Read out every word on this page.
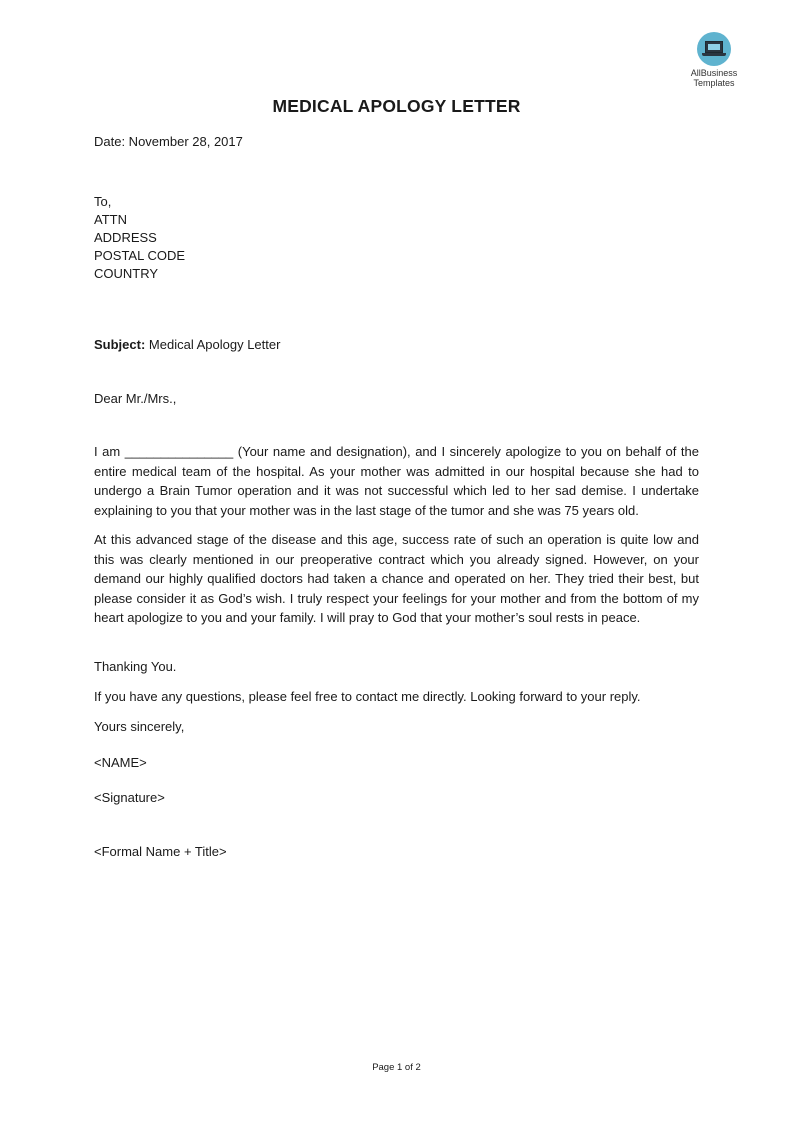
AllBusiness
Templates
MEDICAL APOLOGY LETTER
Date: November 28, 2017
To,
ATTN
ADDRESS
POSTAL CODE
COUNTRY
Subject: Medical Apology Letter
Dear Mr./Mrs.,
I am _______________ (Your name and designation), and I sincerely apologize to you on behalf of the entire medical team of the hospital. As your mother was admitted in our hospital because she had to undergo a Brain Tumor operation and it was not successful which led to her sad demise. I undertake explaining to you that your mother was in the last stage of the tumor and she was 75 years old.
At this advanced stage of the disease and this age, success rate of such an operation is quite low and this was clearly mentioned in our preoperative contract which you already signed. However, on your demand our highly qualified doctors had taken a chance and operated on her. They tried their best, but please consider it as God’s wish. I truly respect your feelings for your mother and from the bottom of my heart apologize to you and your family. I will pray to God that your mother’s soul rests in peace.
Thanking You.
If you have any questions, please feel free to contact me directly. Looking forward to your reply.
Yours sincerely,
<NAME>
<Signature>
<Formal Name + Title>
Page 1 of 2
